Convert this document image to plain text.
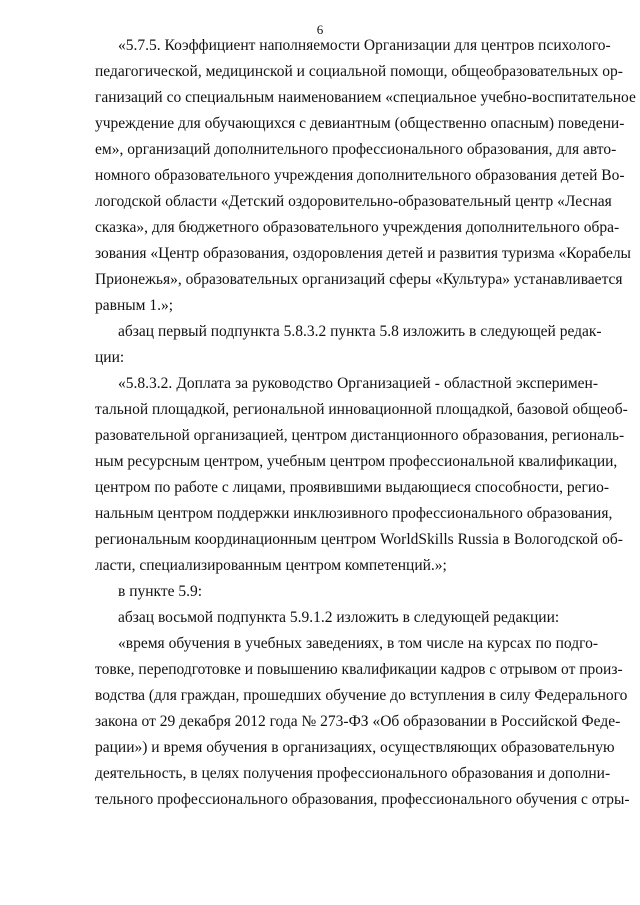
6
«5.7.5. Коэффициент наполняемости Организации для центров психолого-
педагогической, медицинской и социальной помощи, общеобразовательных ор-
ганизаций со специальным наименованием «специальное учебно-воспитательное
учреждение для обучающихся с девиантным (общественно опасным) поведени-
ем», организаций дополнительного профессионального образования, для авто-
номного образовательного учреждения дополнительного образования детей Во-
логодской области «Детский оздоровительно-образовательный центр «Лесная
сказка», для бюджетного образовательного учреждения дополнительного обра-
зования «Центр образования, оздоровления детей и развития туризма «Корабелы
Прионежья», образовательных организаций сферы «Культура» устанавливается
равным 1.»;
абзац первый подпункта 5.8.3.2 пункта 5.8 изложить в следующей редак-
ции:
«5.8.3.2. Доплата за руководство Организацией - областной эксперимен-
тальной площадкой, региональной инновационной площадкой, базовой общеоб-
разовательной организацией, центром дистанционного образования, региональ-
ным ресурсным центром, учебным центром профессиональной квалификации,
центром по работе с лицами, проявившими выдающиеся способности, регио-
нальным центром поддержки инклюзивного профессионального образования,
региональным координационным центром WorldSkills Russia в Вологодской об-
ласти, специализированным центром компетенций.»;
в пункте 5.9:
абзац восьмой подпункта 5.9.1.2 изложить в следующей редакции:
«время обучения в учебных заведениях, в том числе на курсах по подго-
товке, переподготовке и повышению квалификации кадров с отрывом от произ-
водства (для граждан, прошедших обучение до вступления в силу Федерального
закона от 29 декабря 2012 года № 273-ФЗ «Об образовании в Российской Феде-
рации») и время обучения в организациях, осуществляющих образовательную
деятельность, в целях получения профессионального образования и дополни-
тельного профессионального образования, профессионального обучения с отры-
